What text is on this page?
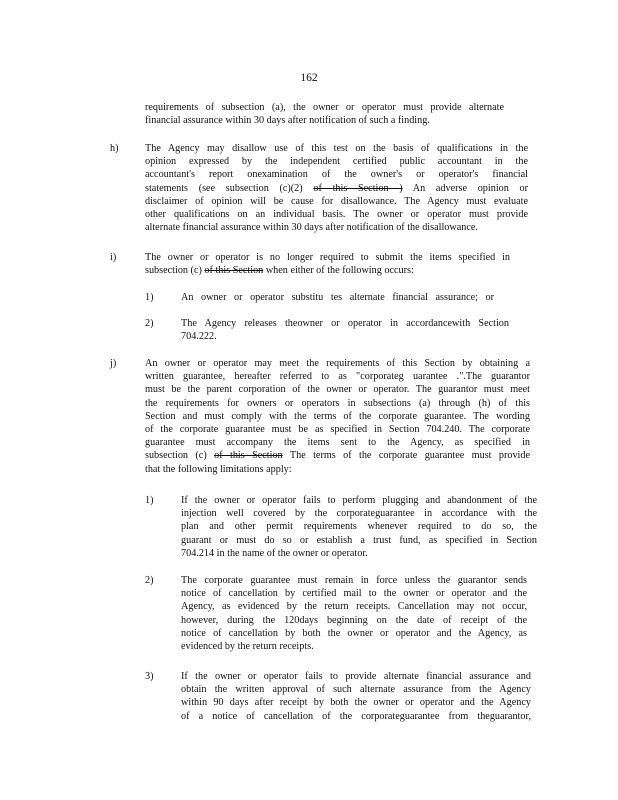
162
requirements of subsection (a), the owner or operator must provide alternate
financial assurance within 30 days after notification of such a finding.
h)	The Agency may disallow use of this test on the basis of qualifications in the
opinion expressed by the independent certified public accountant in the
accountant's report onexamination of the owner's or operator's financial
statements (see subsection (c)(2) of this Section ) An adverse opinion or
disclaimer of opinion will be cause for disallowance. The Agency must evaluate
other qualifications on an individual basis. The owner or operator must provide
alternate financial assurance within 30 days after notification of the disallowance.
i)	The owner or operator is no longer required to submit the items specified in
subsection (c) of this Section when either of the following occurs:
1)	An owner or operator substitu tes alternate financial assurance; or
2)	The Agency releases theowner or operator in accordancewith Section
704.222.
j)	An owner or operator may meet the requirements of this Section by obtaining a
written guarantee, hereafter referred to as "corporateg uarantee .".The guarantor
must be the parent corporation of the owner or operator. The guarantor must meet
the requirements for owners or operators in subsections (a) through (h) of this
Section and must comply with the terms of the corporate guarantee. The wording
of the corporate guarantee must be as specified in Section 704.240. The corporate
guarantee must accompany the items sent to the Agency, as specified in
subsection (c) of this Section The terms of the corporate guarantee must provide
that the following limitations apply:
1)	If the owner or operator fails to perform plugging and abandonment of the
injection well covered by the corporateguarantee in accordance with the
plan and other permit requirements whenever required to do so, the
guarant or must do so or establish a trust fund, as specified in Section
704.214 in the name of the owner or operator.
2)	The corporate guarantee must remain in force unless the guarantor sends
notice of cancellation by certified mail to the owner or operator and the
Agency, as evidenced by the return receipts. Cancellation may not occur,
however, during the 120days beginning on the date of receipt of the
notice of cancellation by both the owner or operator and the Agency, as
evidenced by the return receipts.
3)	If the owner or operator fails to provide alternate financial assurance and
obtain the written approval of such alternate assurance from the Agency
within 90 days after receipt by both the owner or operator and the Agency
of a notice of cancellation of the corporateguarantee from theguarantor,
